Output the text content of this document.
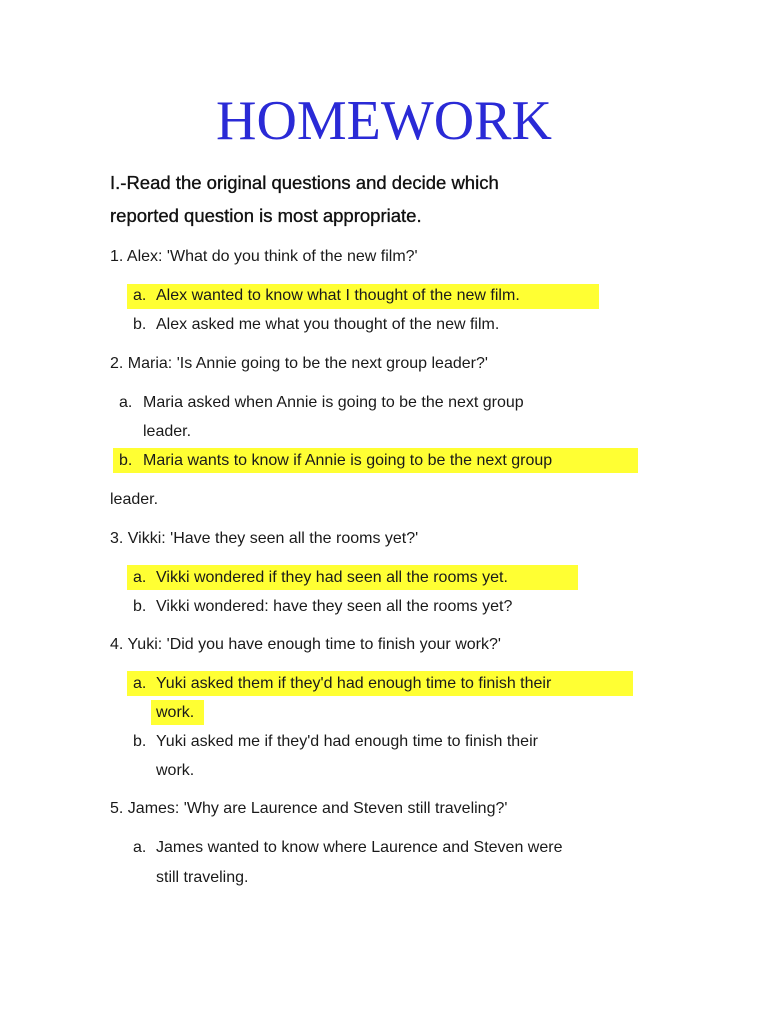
HOMEWORK
I.-Read the original questions and decide which
reported question is most appropriate.
1. Alex: 'What do you think of the new film?'
a. Alex wanted to know what I thought of the new film.
b. Alex asked me what you thought of the new film.
2. Maria: 'Is Annie going to be the next group leader?'
a. Maria asked when Annie is going to be the next group
leader.
b. Maria wants to know if Annie is going to be the next group
leader.
3. Vikki: 'Have they seen all the rooms yet?'
a. Vikki wondered if they had seen all the rooms yet.
b. Vikki wondered: have they seen all the rooms yet?
4. Yuki: 'Did you have enough time to finish your work?'
a. Yuki asked them if they'd had enough time to finish their
work.
b. Yuki asked me if they'd had enough time to finish their
work.
5. James: 'Why are Laurence and Steven still traveling?'
a. James wanted to know where Laurence and Steven were
still traveling.
